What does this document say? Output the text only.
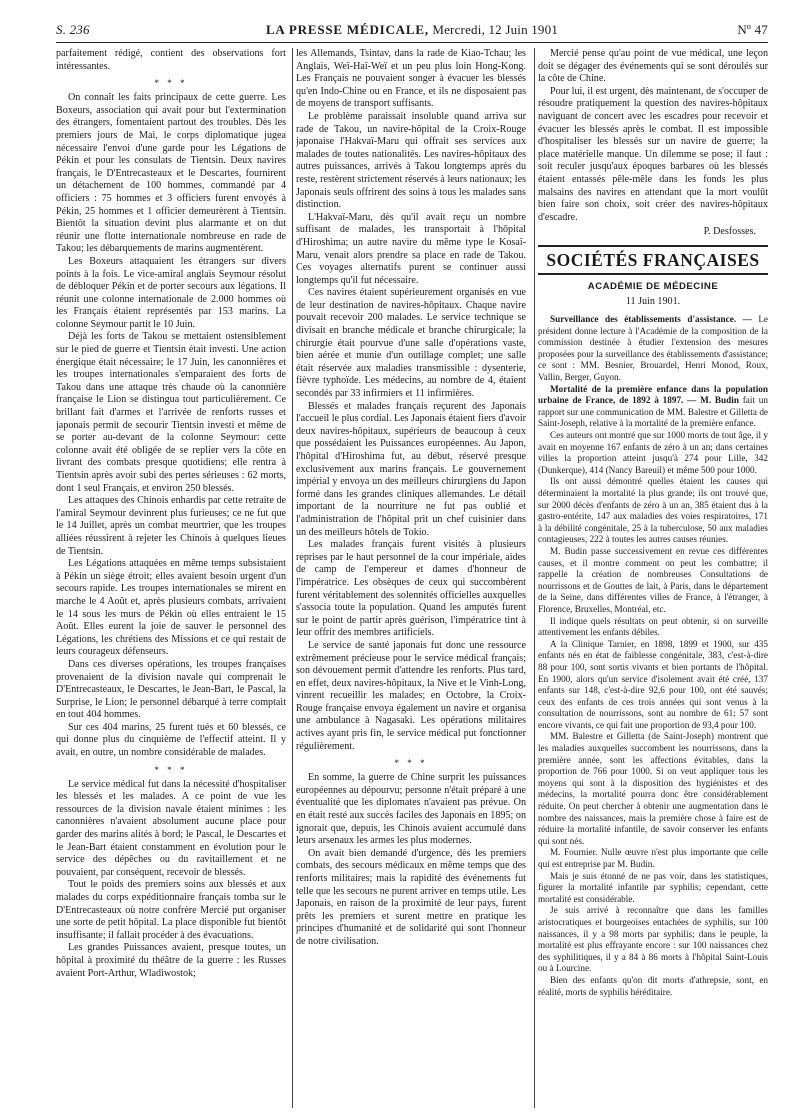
S. 236	LA PRESSE MÉDICALE, Mercredi, 12 Juin 1901	Nº 47

parfaitement rédigé, contient des observations fort intéressantes.

* * *

On connaît les faits principaux de cette guerre. Les Boxeurs, association qui avait pour but l'extermination des étrangers, fomentaient partout des troubles. Dès les premiers jours de Mai, le corps diplomatique jugea nécessaire l'envoi d'une garde pour les Légations de Pékin et pour les consulats de Tientsin. Deux navires français, le D'Entrecasteaux et le Descartes, fournirent un détachement de 100 hommes, commandé par 4 officiers : 75 hommes et 3 officiers furent envoyés à Pékin, 25 hommes et 1 officier demeurèrent à Tientsin. Bientôt la situation devint plus alarmante et on dut réunir une flotte internationale nombreuse en rade de Takou; les débarquements de marins augmentèrent.

Les Boxeurs attaquaient les étrangers sur divers points à la fois. Le vice-amiral anglais Seymour résolut de débloquer Pékin et de porter secours aux légations. Il réunit une colonne internationale de 2.000 hommes où les Français étaient représentés par 153 marins. La colonne Seymour partit le 10 Juin.

Déjà les forts de Takou se mettaient ostensiblement sur le pied de guerre et Tientsin était investi. Une action énergique était nécessaire; le 17 Juin, les canonnières et les troupes internationales s'emparaient des forts de Takou dans une attaque très chaude où la canonnière française le Lion se distingua tout particulièrement. Ce brillant fait d'armes et l'arrivée de renforts russes et japonais permit de secourir Tientsin investi et même de se porter au-devant de la colonne Seymour: cette colonne avait été obligée de se replier vers la côte en livrant des combats presque quotidiens; elle rentra à Tientsin après avoir subi des pertes sérieuses : 62 morts, dont 1 seul Français, et environ 250 blessés.

Les attaques des Chinois enhardis par cette retraite de l'amiral Seymour devinrent plus furieuses; ce ne fut que le 14 Juillet, après un combat meurtrier, que les troupes alliées réussirent à rejeter les Chinois à quelques lieues de Tientsin.

Les Légations attaquées en même temps subsistaient à Pékin un siège étroit; elles avaient besoin urgent d'un secours rapide. Les troupes internationales se mirent en marche le 4 Août et, après plusieurs combats, arrivaient le 14 sous les murs de Pékin où elles entraient le 15 Août. Elles eurent la joie de sauver le personnel des Légations, les chrétiens des Missions et ce qui restait de leurs courageux défenseurs.

Dans ces diverses opérations, les troupes françaises provenaient de la division navale qui comprenait le D'Entrecasteaux, le Descartes, le Jean-Bart, le Pascal, la Surprise, le Lion; le personnel débarqué à terre comptait en tout 404 hommes.

Sur ces 404 marins, 25 furent tués et 60 blessés, ce qui donne plus du cinquième de l'effectif atteint. Il y avait, en outre, un nombre considérable de malades.

* * *

Le service médical fut dans la nécessité d'hospitaliser les blessés et les malades. A ce point de vue les ressources de la division navale étaient minimes : les canonnières n'avaient absolument aucune place pour garder des marins alités à bord; le Pascal, le Descartes et le Jean-Bart étaient constamment en évolution pour le service des dépêches ou du ravitaillement et ne pouvaient, par conséquent, recevoir de blessés.

Tout le poids des premiers soins aux blessés et aux malades du corps expéditionnaire français tomba sur le D'Entrecasteaux où notre confrère Mercié put organiser une sorte de petit hôpital. La place disponible fut bientôt insuffisante; il fallait procéder à des évacuations.

Les grandes Puissances avaient, presque toutes, un hôpital à proximité du théâtre de la guerre : les Russes avaient Port-Arthur, Wladiwostok;

les Allemands, Tsintav, dans la rade de Kiao-Tchau; les Anglais, Weï-Haï-Weï et un peu plus loin Hong-Kong. Les Français ne pouvaient songer à évacuer les blessés qu'en Indo-Chine ou en France, et ils ne disposaient pas de moyens de transport suffisants.

Le problème paraissait insoluble quand arriva sur rade de Takou, un navire-hôpital de la Croix-Rouge japonaise l'Hakvaï-Maru qui offrait ses services aux malades de toutes nationalités. Les navires-hôpitaux des autres puissances, arrivés à Takou longtemps après du reste, restèrent strictement réservés à leurs nationaux; les Japonais seuls offrirent des soins à tous les malades sans distinction.

L'Hakvaï-Maru, dès qu'il avait reçu un nombre suffisant de malades, les transportait à l'hôpital d'Hiroshima; un autre navire du même type le Kosaï-Maru, venait alors prendre sa place en rade de Takou. Ces voyages alternatifs purent se continuer aussi longtemps qu'il fut nécessaire.

Ces navires étaient supérieurement organisés en vue de leur destination de navires-hôpitaux. Chaque navire pouvait recevoir 200 malades. Le service technique se divisait en branche médicale et branche chirurgicale; la chirurgie était pourvue d'une salle d'opérations vaste, bien aérée et munie d'un outillage complet; une salle était réservée aux maladies transmissible : dysenterie, fièvre typhoïde. Les médecins, au nombre de 4, étaient secondés par 33 infirmiers et 11 infirmières.

Blessés et malades français reçurent des Japonais l'accueil le plus cordial. Les Japonais étaient fiers d'avoir deux navires-hôpitaux, supérieurs de beaucoup à ceux que possédaient les Puissances européennes. Au Japon, l'hôpital d'Hiroshima fut, au début, réservé presque exclusivement aux marins français. Le gouvernement impérial y envoya un des meilleurs chirurgiens du Japon formé dans les grandes cliniques allemandes. Le détail important de la nourriture ne fut pas oublié et l'administration de l'hôpital prit un chef cuisinier dans un des meilleurs hôtels de Tokio.

Les malades français furent visités à plusieurs reprises par le haut personnel de la cour impériale, aides de camp de l'empereur et dames d'honneur de l'impératrice. Les obsèques de ceux qui succombèrent furent véritablement des solennités officielles auxquelles s'associa toute la population. Quand les amputés furent sur le point de partir après guérison, l'impératrice tint à leur offrir des membres artificiels.

Le service de santé japonais fut donc une ressource extrêmement précieuse pour le service médical français; son dévouement permit d'attendre les renforts. Plus tard, en effet, deux navires-hôpitaux, la Nive et le Vinh-Long, vinrent recueillir les malades; en Octobre, la Croix-Rouge française envoya également un navire et organisa une ambulance à Nagasaki. Les opérations militaires actives ayant pris fin, le service médical put fonctionner régulièrement.

* * *

En somme, la guerre de Chine surprit les puissances européennes au dépourvu; personne n'était préparé à une éventualité que les diplomates n'avaient pas prévue. On en était resté aux succès faciles des Japonais en 1895; on ignorait que, depuis, les Chinois avaient accumulé dans leurs arsenaux les armes les plus modernes.

On avait bien demandé d'urgence, dès les premiers combats, des secours médicaux en même temps que des renforts militaires; mais la rapidité des événements fut telle que les secours ne purent arriver en temps utile. Les Japonais, en raison de la proximité de leur pays, furent prêts les premiers et surent mettre en pratique les principes d'humanité et de solidarité qui sont l'honneur de notre civilisation.

Mercié pense qu'au point de vue médical, une leçon doit se dégager des événements qui se sont déroulés sur la côte de Chine.

Pour lui, il est urgent, dès maintenant, de s'occuper de résoudre pratiquement la question des navires-hôpitaux naviguant de concert avec les escadres pour recevoir et évacuer les blessés après le combat. Il est impossible d'hospitaliser les blessés sur un navire de guerre; la place matérielle manque. Un dilemme se pose; il faut : soit reculer jusqu'aux époques barbares où les blessés étaient entassés pêle-mêle dans les fonds les plus malsains des navires en attendant que la mort voulût bien faire son choix, soit créer des navires-hôpitaux d'escadre.

P. Desfosses.
SOCIÉTÉS FRANÇAISES
ACADÉMIE DE MÉDECINE
11 Juin 1901.

Surveillance des établissements d'assistance. — Le président donne lecture à l'Académie de la composition de la commission destinée à étudier l'extension des mesures proposées pour la surveillance des établissements d'assistance; ce sont : MM. Besnier, Brouardel, Henri Monod, Roux, Vallin, Berger, Guyon.

Mortalité de la première enfance dans la population urbaine de France, de 1892 à 1897. — M. Budin fait un rapport sur une communication de MM. Balestre et Gilletta de Saint-Joseph, relative à la mortalité de la première enfance.

Ces auteurs ont montré que sur 1000 morts de tout âge, il y avait en moyenne 167 enfants de zéro à un an; dans certaines villes la proportion atteint jusqu'à 274 pour Lille, 342 (Dunkerque), 414 (Nancy Bareuil) et même 500 pour 1000.

Ils ont aussi démontré quelles étaient les causes qui déterminaient la mortalité la plus grande; ils ont trouvé que, sur 2000 décès d'enfants de zéro à un an, 385 étaient dus à la gastro-entérite, 147 aux maladies des voies respiratoires, 171 à la débilité congénitale, 25 à la tuberculose, 50 aux maladies contagieuses, 222 à toutes les autres causes réunies.

M. Budin passe successivement en revue ces différentes causes, et il montre comment on peut les combattre; il rappelle la création de nombreuses Consultations de nourrissons et de Gouttes de lait, à Paris, dans le département de la Seine, dans différentes villes de France, à l'étranger, à Florence, Bruxelles, Montréal, etc.

Il indique quels résultats on peut obtenir, si on surveille attentivement les enfants débiles.

A la Clinique Tarnier, en 1898, 1899 et 1900, sur 435 enfants nés en état de faiblesse congénitale, 383, c'est-à-dire 88 pour 100, sont sortis vivants et bien portants de l'hôpital. En 1900, alors qu'un service d'isolement avait été créé, 137 enfants sur 148, c'est-à-dire 92,6 pour 100, ont été sauvés; ceux des enfants de ces trois années qui sont venus à la consultation de nourrissons, sont au nombre de 61; 57 sont encore vivants, ce qui fait une proportion de 93,4 pour 100.

MM. Balestre et Gilletta (de Saint-Joseph) montrent que les maladies auxquelles succombent les nourrissons, dans la première année, sont les affections évitables, dans la proportion de 766 pour 1000. Si on veut appliquer tous les moyens qui sont à la disposition des hygiénistes et des médecins, la mortalité pourra donc être considérablement réduite. On peut chercher à obtenir une augmentation dans le nombre des naissances, mais la première chose à faire est de réduire la mortalité infantile, de savoir conserver les enfants qui sont nés.

M. Fournier. Nulle œuvre n'est plus importante que celle qui est entreprise par M. Budin.

Mais je suis étonné de ne pas voir, dans les statistiques, figurer la mortalité infantile par syphilis; cependant, cette mortalité est considérable.

Je suis arrivé à reconnaître que dans les familles aristocratiques et bourgeoises entachées de syphilis, sur 100 naissances, il y a 98 morts par syphilis; dans le peuple, la mortalité est plus effrayante encore : sur 100 naissances chez des syphilitiques, il y a 84 à 86 morts à l'hôpital Saint-Louis ou à Lourcine.

Bien des enfants qu'on dit morts d'athrepsie, sont, en réalité, morts de syphilis héréditaire.
